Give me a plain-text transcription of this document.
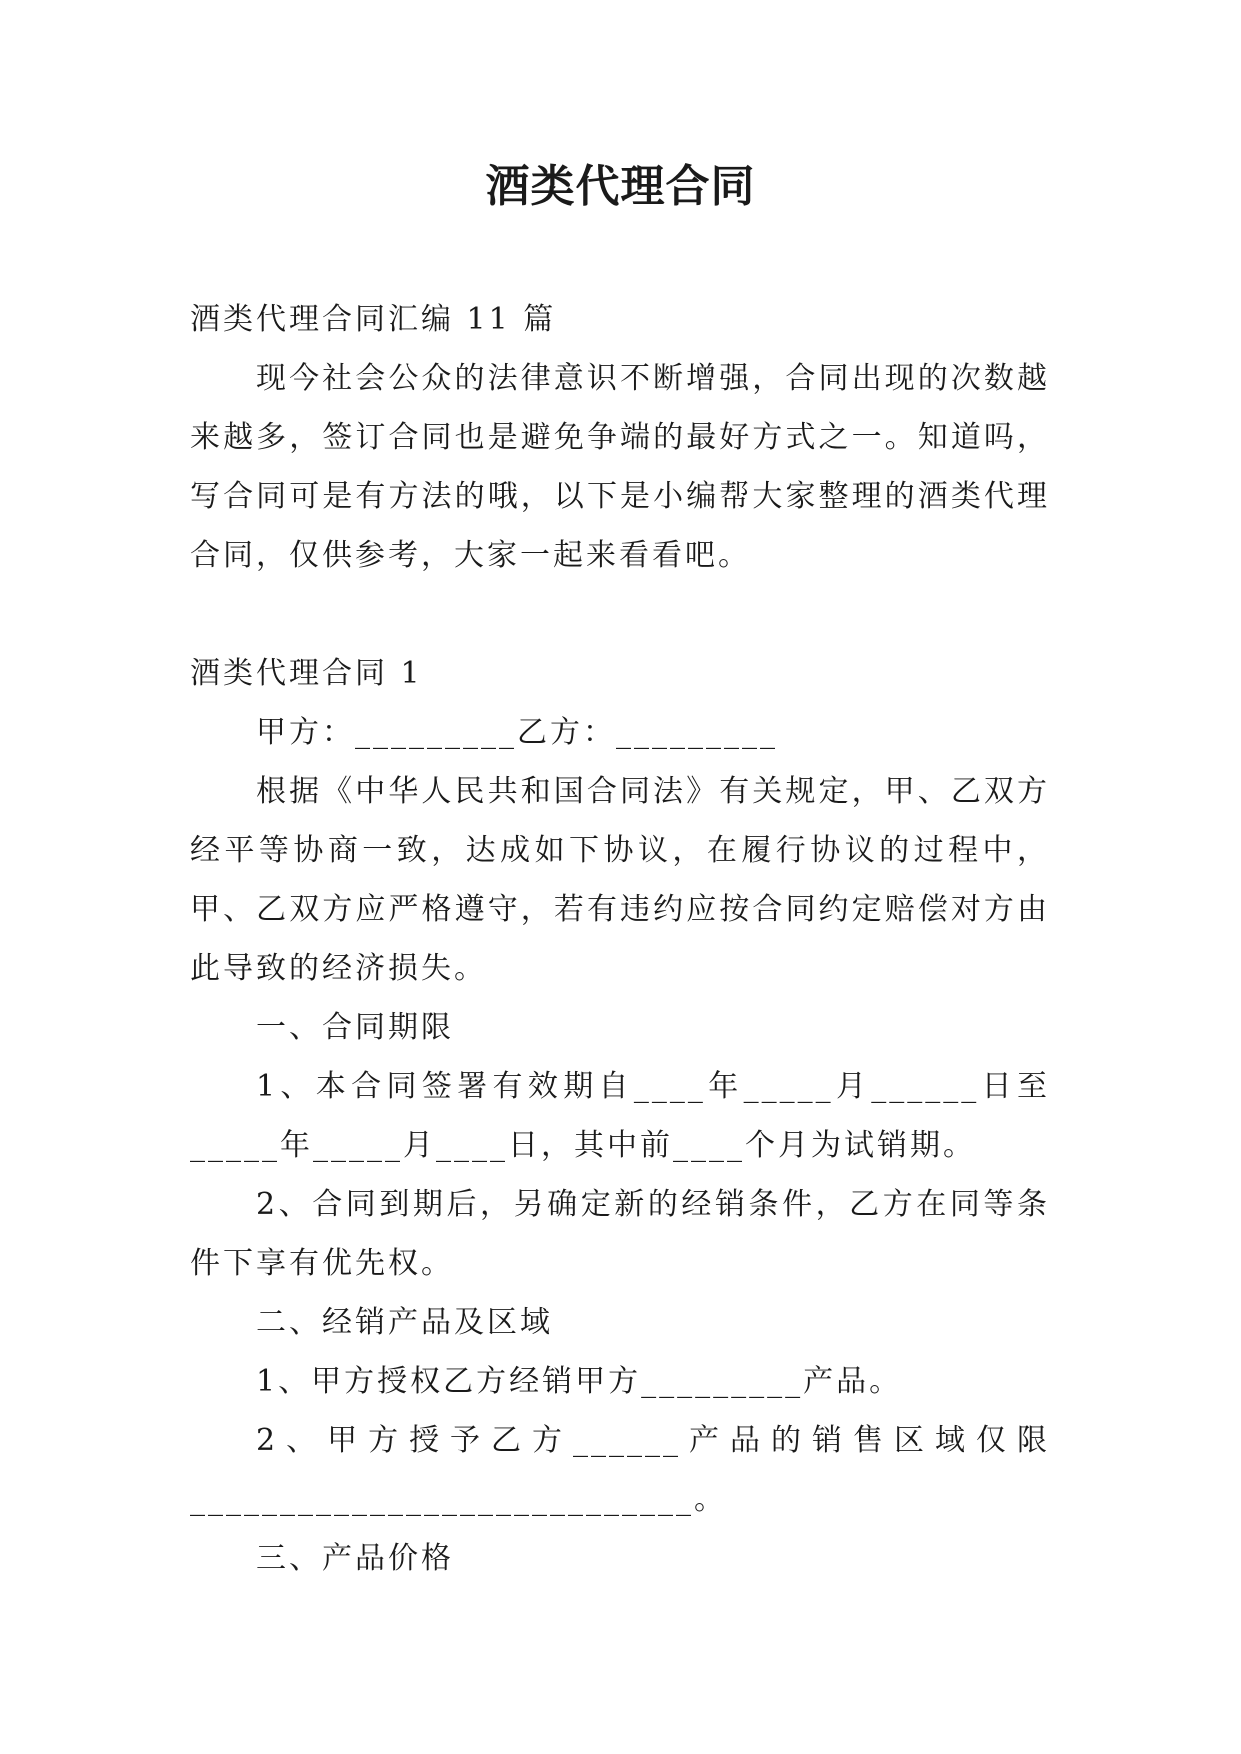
酒类代理合同

酒类代理合同汇编 11 篇

现今社会公众的法律意识不断增强，合同出现的次数越来越多，签订合同也是避免争端的最好方式之一。知道吗，写合同可是有方法的哦，以下是小编帮大家整理的酒类代理合同，仅供参考，大家一起来看看吧。

酒类代理合同 1

甲方：_________乙方：_________

根据《中华人民共和国合同法》有关规定，甲、乙双方经平等协商一致，达成如下协议，在履行协议的过程中，甲、乙双方应严格遵守，若有违约应按合同约定赔偿对方由此导致的经济损失。

一、合同期限

1、本合同签署有效期自____年_____月______日至_____年_____月____日，其中前____个月为试销期。

2、合同到期后，另确定新的经销条件，乙方在同等条件下享有优先权。

二、经销产品及区域

1、甲方授权乙方经销甲方_________产品。

2、甲方授予乙方______产品的销售区域仅限

____________________________。

三、产品价格
